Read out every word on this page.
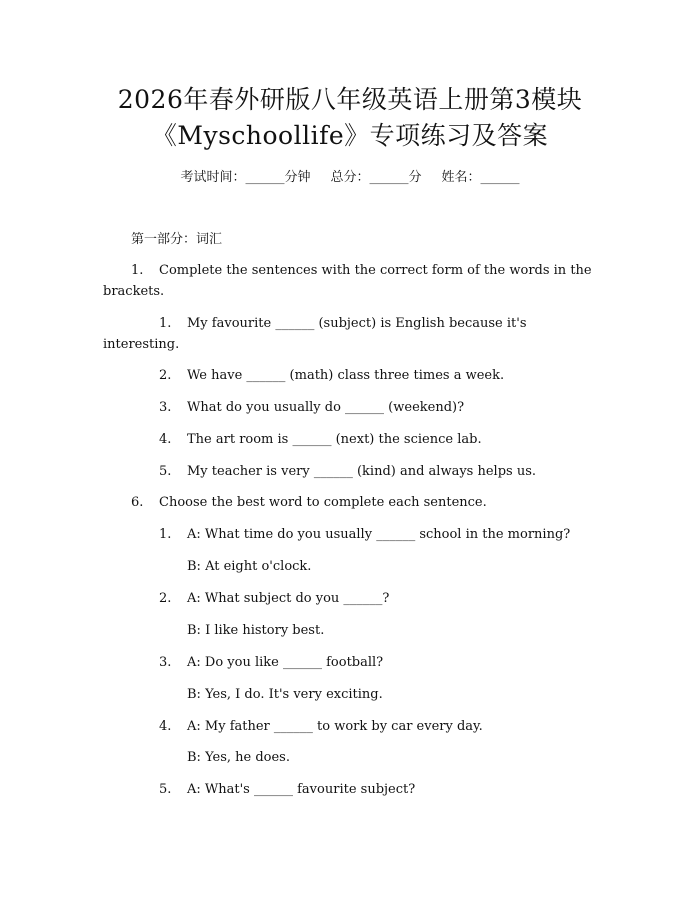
2026年春外研版八年级英语上册第3模块
《Myschoollife》专项练习及答案
考试时间：______分钟 总分：______分 姓名：______
第一部分：词汇
1. Complete the sentences with the correct form of the words in the
brackets.
1. My favourite ______ (subject) is English because it's
interesting.
2. We have ______ (math) class three times a week.
3. What do you usually do ______ (weekend)?
4. The art room is ______ (next) the science lab.
5. My teacher is very ______ (kind) and always helps us.
6. Choose the best word to complete each sentence.
1. A: What time do you usually ______ school in the morning?
B: At eight o'clock.
2. A: What subject do you ______?
B: I like history best.
3. A: Do you like ______ football?
B: Yes, I do. It's very exciting.
4. A: My father ______ to work by car every day.
B: Yes, he does.
5. A: What's ______ favourite subject?
